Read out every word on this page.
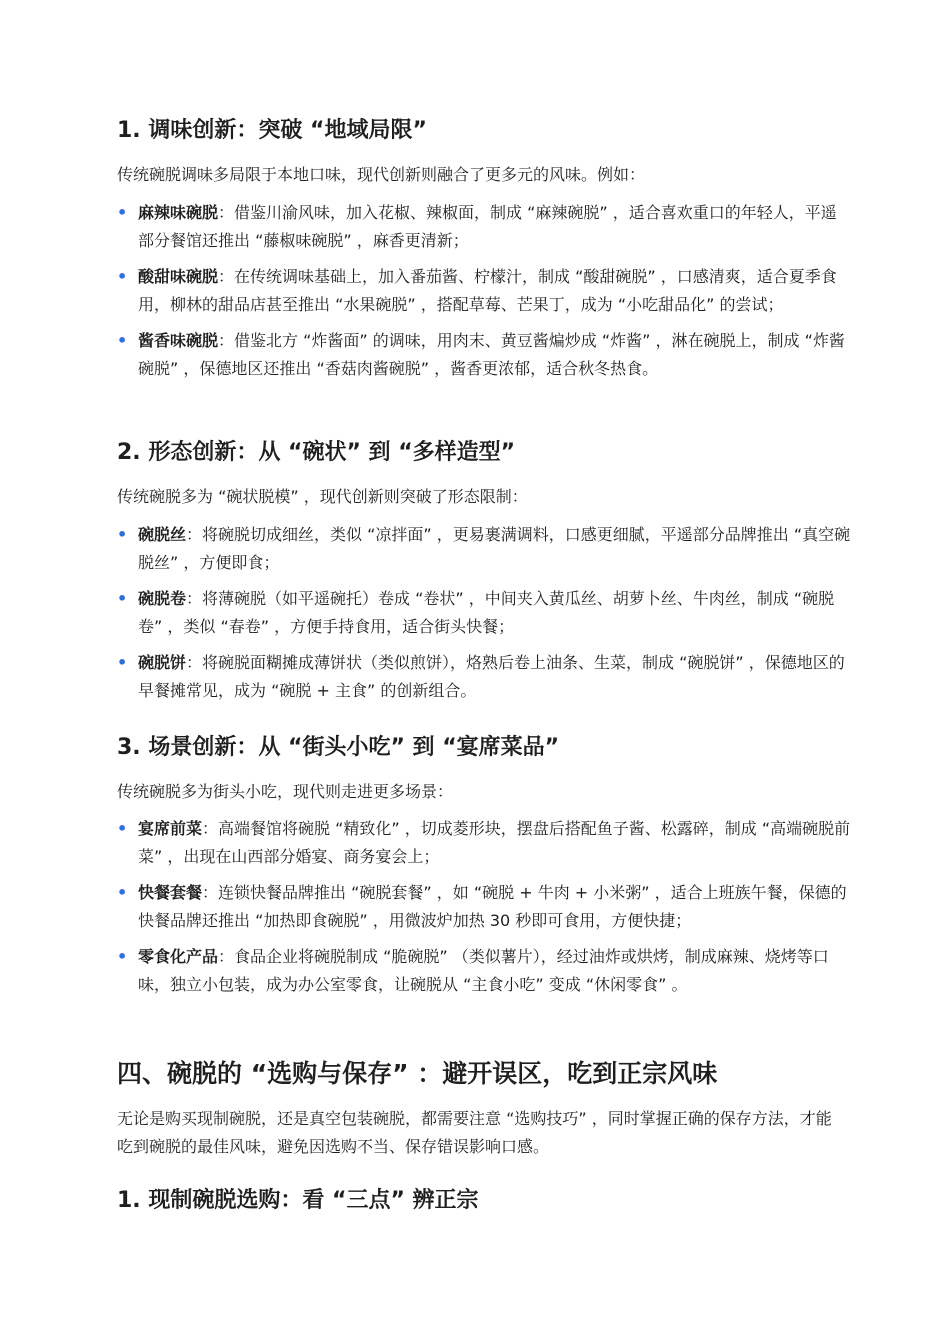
1. 调味创新：突破 “地域局限”

传统碗脱调味多局限于本地口味，现代创新则融合了更多元的风味。例如：

• 麻辣味碗脱：借鉴川渝风味，加入花椒、辣椒面，制成 “麻辣碗脱” ，适合喜欢重口的年轻人，平遥部分餐馆还推出 “藤椒味碗脱” ，麻香更清新；
• 酸甜味碗脱：在传统调味基础上，加入番茄酱、柠檬汁，制成 “酸甜碗脱” ，口感清爽，适合夏季食用，柳林的甜品店甚至推出 “水果碗脱” ，搭配草莓、芒果丁，成为 “小吃甜品化” 的尝试；
• 酱香味碗脱：借鉴北方 “炸酱面” 的调味，用肉末、黄豆酱煸炒成 “炸酱” ，淋在碗脱上，制成 “炸酱碗脱” ，保德地区还推出 “香菇肉酱碗脱” ，酱香更浓郁，适合秋冬热食。
2. 形态创新：从 “碗状” 到 “多样造型”

传统碗脱多为 “碗状脱模” ，现代创新则突破了形态限制：

• 碗脱丝：将碗脱切成细丝，类似 “凉拌面” ，更易裹满调料，口感更细腻，平遥部分品牌推出 “真空碗脱丝” ，方便即食；
• 碗脱卷：将薄碗脱（如平遥碗托）卷成 “卷状” ，中间夹入黄瓜丝、胡萝卜丝、牛肉丝，制成 “碗脱卷” ，类似 “春卷” ，方便手持食用，适合街头快餐；
• 碗脱饼：将碗脱面糊摊成薄饼状（类似煎饼），烙熟后卷上油条、生菜，制成 “碗脱饼” ，保德地区的早餐摊常见，成为 “碗脱 + 主食” 的创新组合。
3. 场景创新：从 “街头小吃” 到 “宴席菜品”

传统碗脱多为街头小吃，现代则走进更多场景：

• 宴席前菜：高端餐馆将碗脱 “精致化” ，切成菱形块，摆盘后搭配鱼子酱、松露碎，制成 “高端碗脱前菜” ，出现在山西部分婚宴、商务宴会上；
• 快餐套餐：连锁快餐品牌推出 “碗脱套餐” ，如 “碗脱 + 牛肉 + 小米粥” ，适合上班族午餐，保德的快餐品牌还推出 “加热即食碗脱” ，用微波炉加热 30 秒即可食用，方便快捷；
• 零食化产品：食品企业将碗脱制成 “脆碗脱” （类似薯片），经过油炸或烘烤，制成麻辣、烧烤等口味，独立小包装，成为办公室零食，让碗脱从 “主食小吃” 变成 “休闲零食” 。
四、碗脱的 “选购与保存” ：避开误区，吃到正宗风味

无论是购买现制碗脱，还是真空包装碗脱，都需要注意 “选购技巧” ，同时掌握正确的保存方法，才能吃到碗脱的最佳风味，避免因选购不当、保存错误影响口感。

1. 现制碗脱选购：看 “三点” 辨正宗
